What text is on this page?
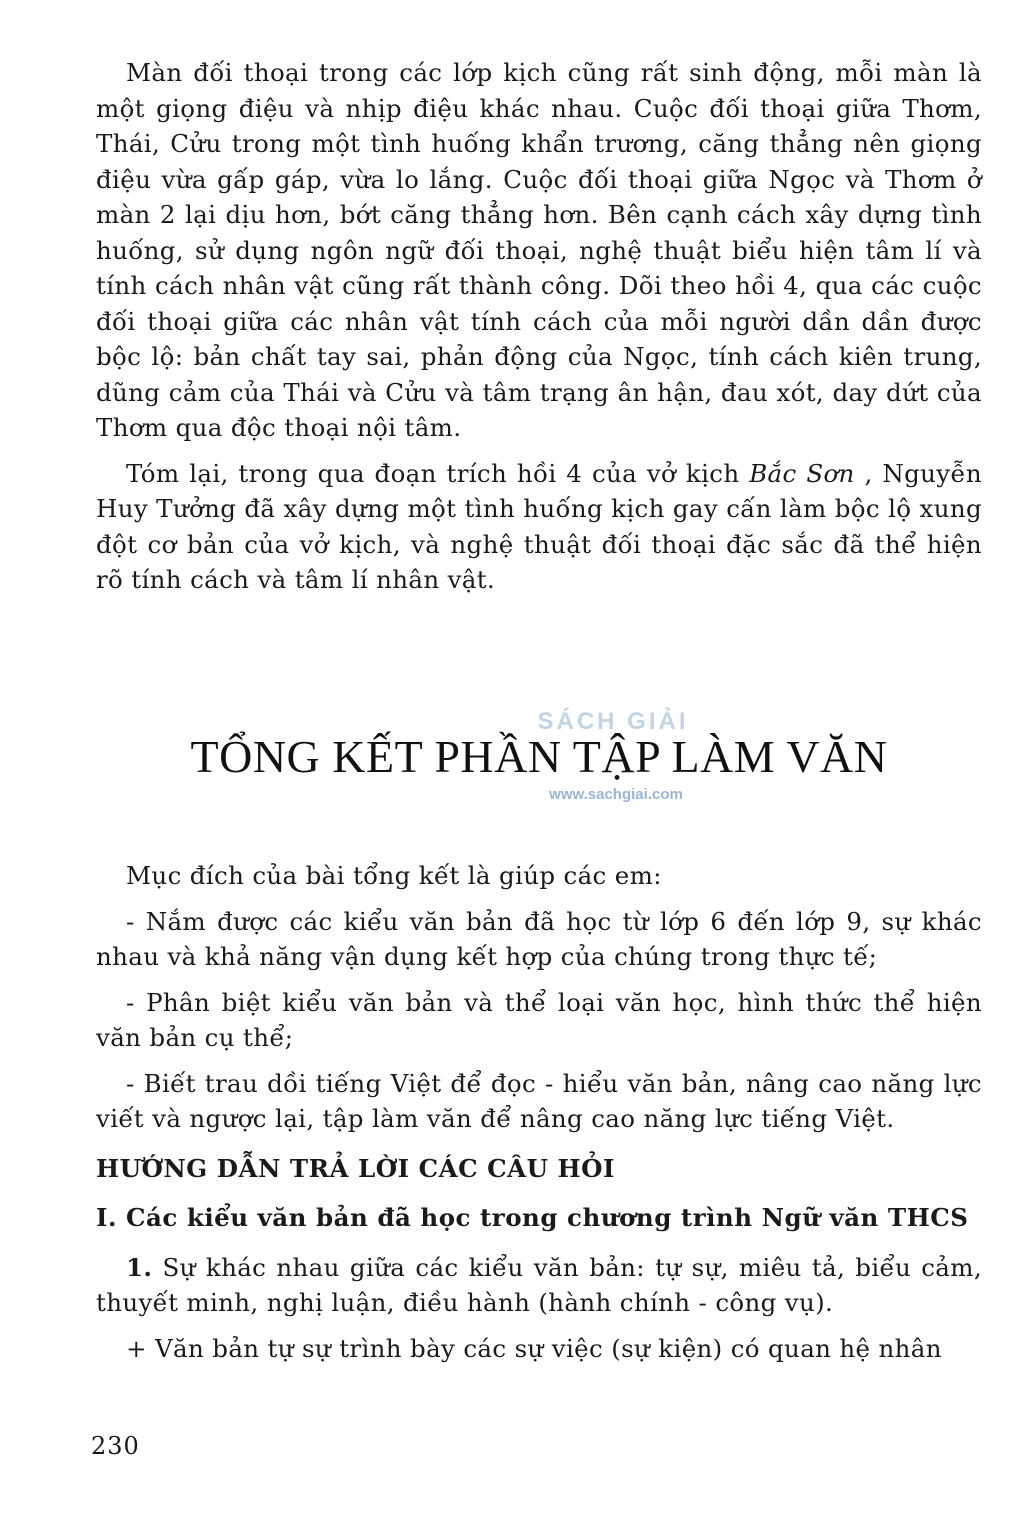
Màn đối thoại trong các lớp kịch cũng rất sinh động, mỗi màn là một giọng điệu và nhịp điệu khác nhau. Cuộc đối thoại giữa Thơm, Thái, Cửu trong một tình huống khẩn trương, căng thẳng nên giọng điệu vừa gấp gáp, vừa lo lắng. Cuộc đối thoại giữa Ngọc và Thơm ở màn 2 lại dịu hơn, bớt căng thẳng hơn. Bên cạnh cách xây dựng tình huống, sử dụng ngôn ngữ đối thoại, nghệ thuật biểu hiện tâm lí và tính cách nhân vật cũng rất thành công. Dõi theo hồi 4, qua các cuộc đối thoại giữa các nhân vật tính cách của mỗi người dần dần được bộc lộ: bản chất tay sai, phản động của Ngọc, tính cách kiên trung, dũng cảm của Thái và Cửu và tâm trạng ân hận, đau xót, day dứt của Thơm qua độc thoại nội tâm.

Tóm lại, trong qua đoạn trích hồi 4 của vở kịch Bắc Sơn , Nguyễn Huy Tưởng đã xây dựng một tình huống kịch gay cấn làm bộc lộ xung đột cơ bản của vở kịch, và nghệ thuật đối thoại đặc sắc đã thể hiện rõ tính cách và tâm lí nhân vật.

SÁCH GIẢI
TỔNG KẾT PHẦN TẬP LÀM VĂN
www.sachgiai.com

Mục đích của bài tổng kết là giúp các em:

- Nắm được các kiểu văn bản đã học từ lớp 6 đến lớp 9, sự khác nhau và khả năng vận dụng kết hợp của chúng trong thực tế;

- Phân biệt kiểu văn bản và thể loại văn học, hình thức thể hiện văn bản cụ thể;

- Biết trau dồi tiếng Việt để đọc - hiểu văn bản, nâng cao năng lực viết và ngược lại, tập làm văn để nâng cao năng lực tiếng Việt.

HƯỚNG DẪN TRẢ LỜI CÁC CÂU HỎI
I. Các kiểu văn bản đã học trong chương trình Ngữ văn THCS

1. Sự khác nhau giữa các kiểu văn bản: tự sự, miêu tả, biểu cảm, thuyết minh, nghị luận, điều hành (hành chính - công vụ).

+ Văn bản tự sự trình bày các sự việc (sự kiện) có quan hệ nhân

230
